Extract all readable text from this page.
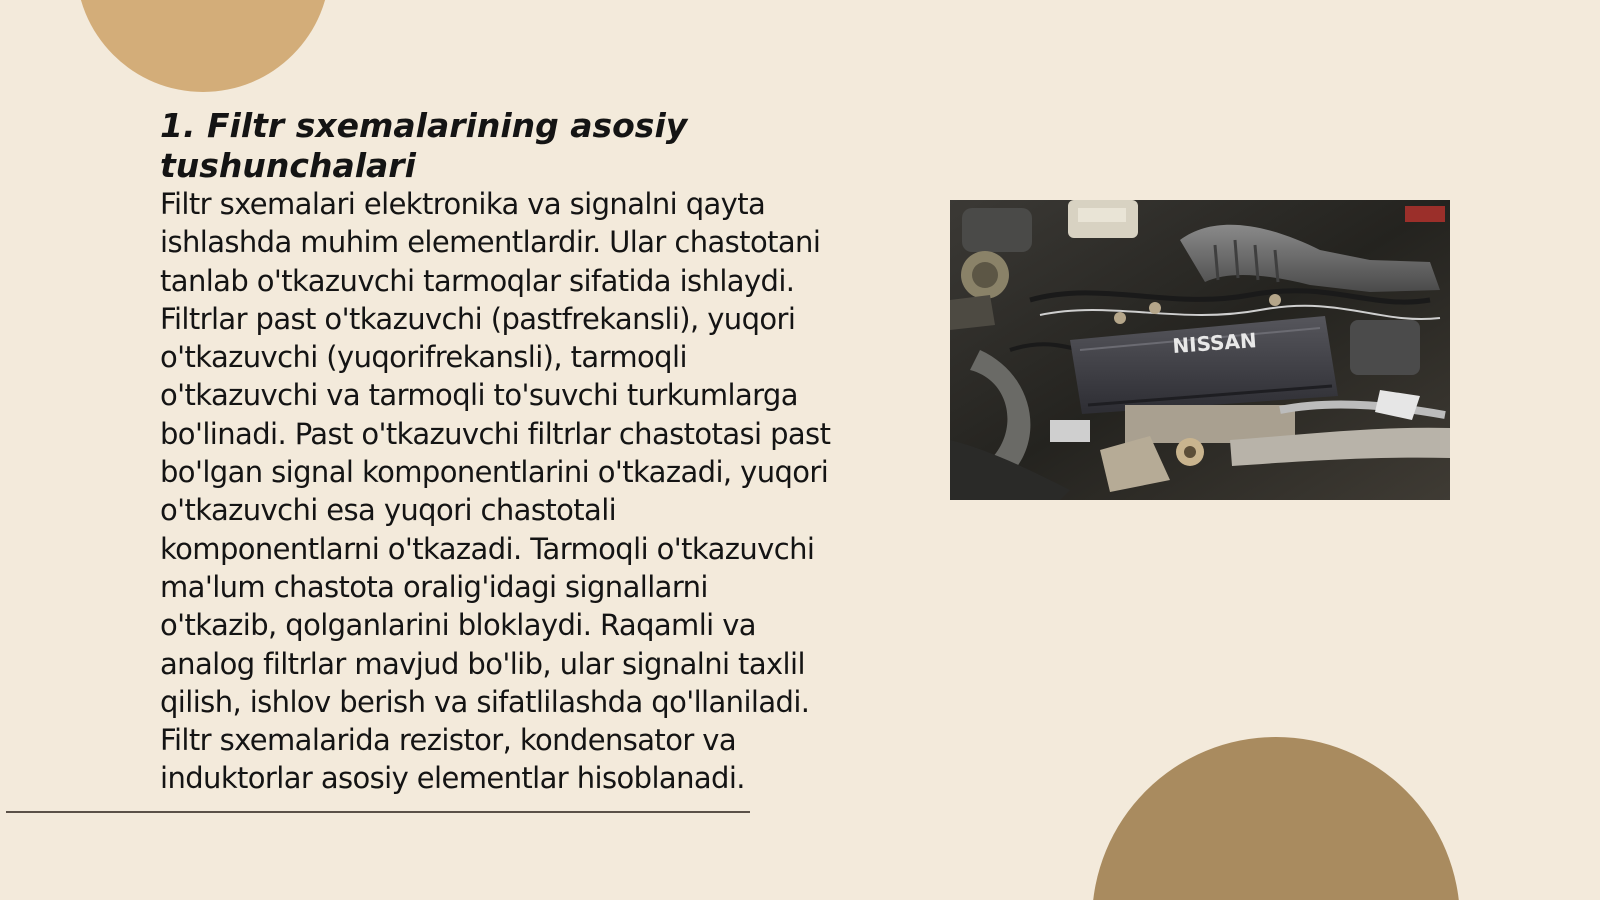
1. Filtr sxemalarining asosiy tushunchalari

Filtr sxemalari elektronika va signalni qayta ishlashda muhim elementlardir. Ular chastotani tanlab o'tkazuvchi tarmoqlar sifatida ishlaydi. Filtrlar past o'tkazuvchi (pastfrekansli), yuqori o'tkazuvchi (yuqorifrekansli), tarmoqli o'tkazuvchi va tarmoqli to'suvchi turkumlarga bo'linadi. Past o'tkazuvchi filtrlar chastotasi past bo'lgan signal komponentlarini o'tkazadi, yuqori o'tkazuvchi esa yuqori chastotali komponentlarni o'tkazadi. Tarmoqli o'tkazuvchi ma'lum chastota oralig'idagi signallarni o'tkazib, qolganlarini bloklaydi. Raqamli va analog filtrlar mavjud bo'lib, ular signalni taxlil qilish, ishlov berish va sifatlilashda qo'llaniladi. Filtr sxemalarida rezistor, kondensator va induktorlar asosiy elementlar hisoblanadi.

NISSAN
